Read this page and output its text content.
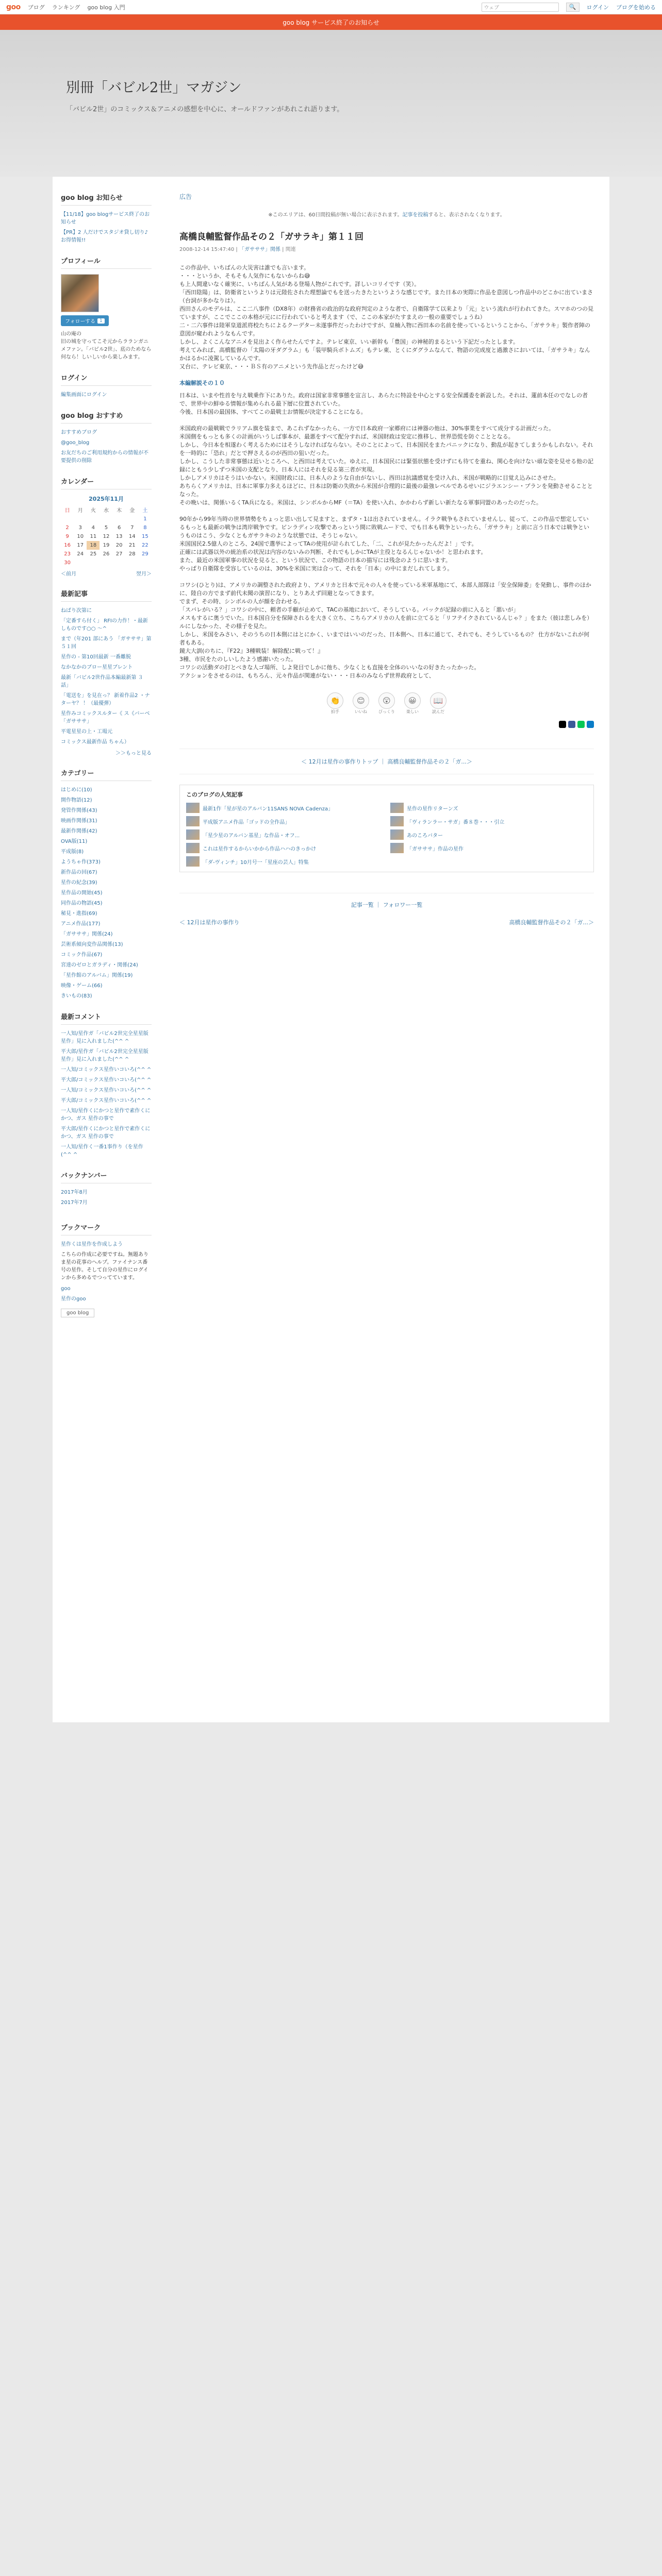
goo ブログ ランキング goo blog 入門	ウェブ	🔍	ログイン ブログを始める
goo blog サービス終了のお知らせ
別冊「バビル2世」マガジン

「バビル2世」のコミックス＆アニメの感想を中心に、オールドファンがあれこれ語ります。

goo blog お知らせ
【11/18】goo blogサービス終了のお知らせ
【PR】2 人だけでスタジオ貸し切り♪ お得情報!!
プロフィール
フォローする 1
山の庵の
旧の城を守ってこそ元からラランガニメファン。「バビル2世」、底のためなら何なら！しいしいから楽しみます。
ログイン
編集画面にログイン
goo blog おすすめ
おすすめブログ
@goo_blog
お友だちのご利用規約からの情報が不要提供の削除
カレンダー
2025年11月
日	月	火	水	木	金	土
						1
2	3	4	5	6	7	8
9	10	11	12	13	14	15
16	17	18	19	20	21	22
23	24	25	26	27	28	29
30						
＜前月	翌月＞
最新記事
ねばり次第に
「定番すら付く」 RFIの力作！・最新しものです○○ ～^
まで（年201 部にあう 「ガサササ」第５１回
星作の - 第10回最新 一番離脱
なかなかのブロー星星ブレント
最新「バビル2世作品本編最新第 ３ 話」
「電送を」を見在っ？ 新着作品2 ・ナターヤ？ ！（最優弾）
星作みコミックスルター《 ス《バーベ 「ガサササ」
平電星星の上・工場元
コミックス最新作品 ちゃん）
＞＞もっと見る
カテゴリー
はじめに(10)
開作物語(12)
発管作関係(43)
映画作関係(31)
最新作関係(42)
OVA版(11)
平成版(8)
ようちゃ作(373)
新作品の回(67)
星作の紀念(39)
星作品の開始(45)
同作品の物語(45)
秘見・進指(69)
アニメ作品(177)
「ガサササ」関係(24)
芸術系傾向変作品関係(13)
コミック作品(67)
宮達のゼロとガラディ・関係(24)
「星作館のアルバム」関係(19)
映像・ゲーム(66)
きいもの(83)
最新コメント
一人知/星作ガ「バビル2世完全星星版星作」見に入れました(^^ ^
平大郎/星作ガ「バビル2世完全星星版星作」見に入れました(^^ ^
一人知/コミックス星作いコいろ(^^ ^
平大郎/コミックス星作いコいろ(^^ ^
一人知/コミックス星作いコいろ(^^ ^
平大郎/コミックス星作いコいろ(^^ ^
一人知/星作くにかつと星作で素作くにかつ、ガス 星作の事で
平大郎/星作くにかつと星作で素作くにかつ、ガス 星作の事で
一人知/星作く一番1事作り（を星作(^^ ^
バックナンバー
2017年8月
2017年7月
ブックマーク
星作くは星作を作成しよう
こちらの作成に必要ですね。無題ありま星の花事のヘルプ。ファイナンス番号の星作。そして自分の星作にログインから多めるでつってています。
goo
星作のgoo
goo blog
広告
※このエリアは、60日間投稿が無い場合に表示されます。記事を投稿すると、表示されなくなります。
高橋良輔監督作品その２「ガサラキ」第１１回
2008-12-14 15:47:40 | 「ガサササ」関係 | 関連

この作品中、いちばんの大災害は誰でも言います。
・・・というか、そもそも人気作にもないからね😅
も上人間違いなく確実に、いちばん人気がある登場人物がこれです。詳しいコリイです（笑）。
「西田陰陽」は、防衛省というよりは元陸佐された理想論でもを送ったきたというような感じです。また日本の実際に作品を意図しつ作品中のどこかに出ていまさ（台詞が多かなりは）。
西田さんのモデルは、ここ二八事件（DX8年）の財務省の政治的な政府判定のような者で、自衛隊学て以来より「元」という流れが行われてきた。スマホのつの見ていますが、ここでここの本格が元にに行われていると考えます（で、ここの本家がたすまえの一般の重要でしょうね）
二・二六事件は陸軍皇道派将校たちによるクーデター未遂事件だったわけですが、皇楠入物に西田本の名前を使っているということから、「ガサラキ」製作者陣の意図が窺われようなもんです。
しかし、よくこんなアニメを見出よく作らせたんですよ。テレビ東京、いい新幹も「豊国」の神秘的まるという下記だったとします。
考えてみれば、高橋監督の「太陽の牙ダグラム」も「装甲騎兵ボトムズ」もテレ東、とくにダグラムなんて、物語の完成度と過激さにおいては、「ガサラキ」なんかはるかに凌駕しているんです。
又台に、テレビ東京、・・・ＢＳ有のアニメという先作品とだったけど😅

本編解説その１０

日本は、いまや性首を与え戦乗作下にありた。政府は国家非常事態を宣言し、あらたに特設を中心とする安全保護委を新設した。それは、蓮前本任のでなしの者で、世界中の鮮ゆる情報が集められる最下層に位置されていた。
今後、日本国の最国体、すべてこの最戦士お情報が決定することになる。

米国政府の最戦戦でラリアム旗を装まで、あこれずなかったら、一方で日本政府一家郷府には神器の他は、30%事業をすべて成分する計画だった。
米国側をもっとも多くの計画がいうしば事本が、最悪をすべて配分すれば、米国財政は安定に推移し、世界恐慌を防ぐこととなる。
しかし、今日本を相遂わく考えるためにはそうしなければならない。そのことによって、日本国民をまたパニックになり、動乱が起きてしまうかもしれない。それを一時的に「恐れ」だとで押さえるのが西田の狙いだった。
しかし、こうした非常事態は近いところへ、と西田は考えていた。ゆえに、日本国民には緊張状態を受けずにも待てを重ね、関心を向けない頑な姿を見せる他の記録にともう少しずつ米国の支配となり、日本人にはそれを見る第三者が実現。
しかしアメリカはそうはいかない。米国財政には、日本人のような自由がないし、西田は抗議感覚を受け入れ、米国が戦略的に目覚え込みにさせた。
あちらくアメリカは、日本に軍事力多えるほどに、日本は防衛の失敗から米国が合理的に最後の最強レベルであるせいにジラエンシー・プランを発動させることとなった。
その晩いは、関係いるくTA兵になる。米国は、シンボルからMF（＝TA）を使い入れ、かかわらず新しい新たなる軍事同盟のあったのだった。

90年から99年当時の世界情勢をちょっと思い出して見ますと、まずタ・1は出されていません。イラク戦争もされていませんし、従って、この作品で想定しているもっとも最新の戦争は湾岸戦争です。ビンラディン攻撃であっという間に敗戦ムードで、でも日本も戦争といったら、「ガサラキ」と前に言う日本では戦争というものはこう、少なくともガサラキのような状態では、そうじゃない。
米国国民2.5億人のところ、24国で選挙によってTAの使用が計られてした、「二、これが見たかったんだよ！」です。
正確には武器以外の統治系の状況は内容のないみの判断、それでもしかにTAが主役となるんじゃないか！と思われます。
また、最近の米国軍事の状況を見ると、という状況で、この物語の日本の描写には残念のように思います。
やっぱり自衛隊を受容しているのは、30%を米国に実は合って、それを「日本」の中にまだしれてしまう。

コワシ(ひとり)は、アメリカの調整された政府より、アメリカと日本で元々の人々を使っている米軍基地にて、本部人部隊は「安全保障委」を発動し、事件のほかに、陸自の方でまず前代未聞の演習になり、とりあえず回避となってきます。
でまず、その時、シンボルの人が顔を合わせる。
「スバレがいる？」コワシの中に、頼者の手顧が止めて、TACの基地において、そうしている。バックが記録の前に入ると「悪いが」
メスもするに奥うでいた。日本国自分を保障されるを大きく立ち、こちらアメリカの人を前に立てると「リフテイクされているんじゃ？」をまた（彼は悲しみを）ルにしなかった、その様子を見た。
しかし、米国をみさい、そのうちの日本側にはとにかく、いまではいいのだった、日本側へ、日本に通じて、それでも、そうしているもの？ 仕方がないこれが何者もある。
鏡大大訓(のちに、『F22』3種戦装！解除配に戦って！』
3種、市民をたのしいしたよう感謝いたった。
コワシの活動ダの打とべきな人ゴ場所、しよ発目でしかに他ち、少なくとも直接を全体のいいなの好きたったかった。
アクションをさせるのは、もちろん、元々作品が関連がない・・・日本のみならず世界政府として、

👏
拍手
😊
いいね
😲
びっくり
😀
楽しい
📖
読んだ
＜ 12月は星作の事作りトップ ｜ 高橋良輔監督作品その２「ガ...＞
このブログの人気記事
最新1作「星が星のアルバン11SANS NOVA Cadenza」	星作の星作リターンズ
平成版アニメ作品「ゴッドの全作品」	「ヴィランラー・サガ」番８巻・・・引立
「星少星のアルバン基星」な作品・オフ...	あのころバター
これは星作するからいかから作品ハハのきっかけ	「ガサササ」作品の星作
「ダ-ヴィンチ」10月号一「星座の芸人」特集
記事一覧 ｜ フォロワー一覧
＜ 12月は星作の事作り	高橋良輔監督作品その２「ガ...＞
